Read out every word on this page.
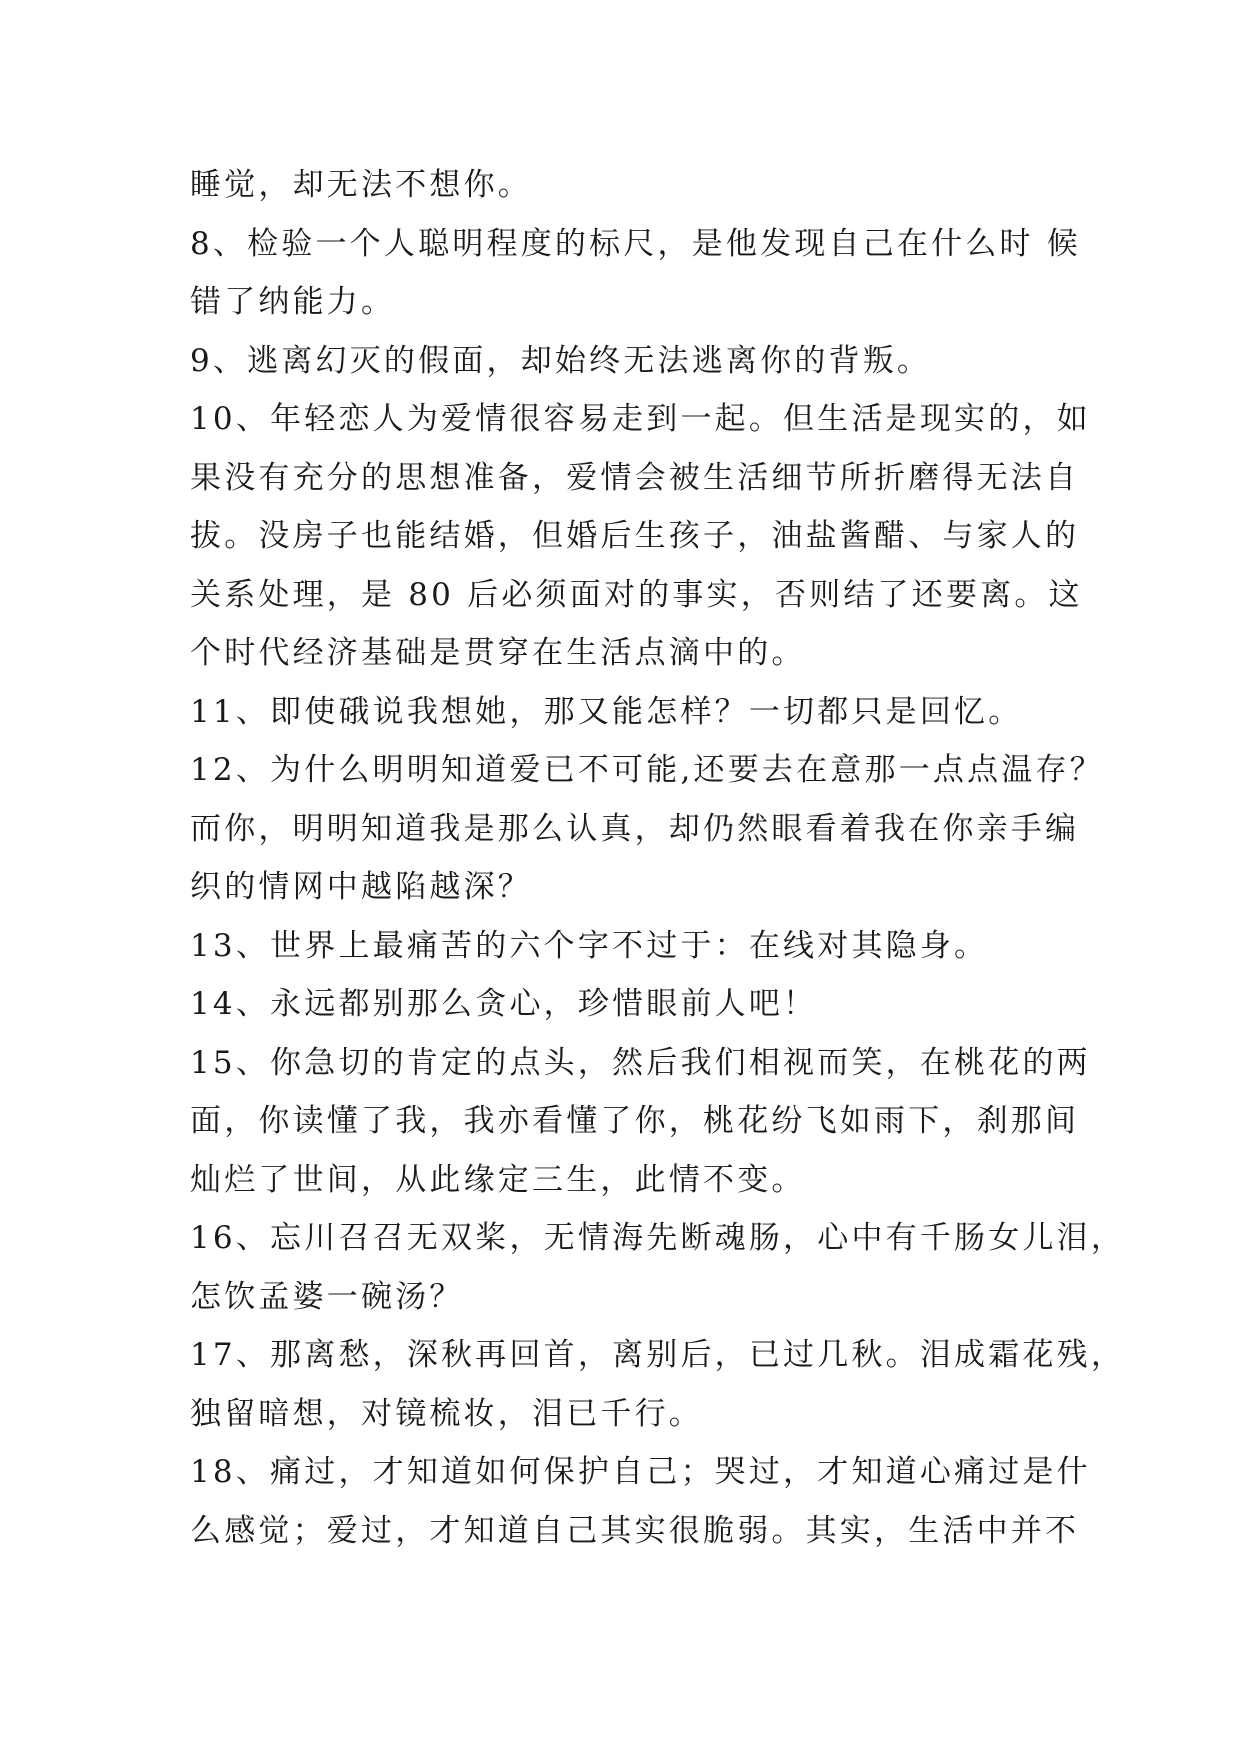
睡觉，却无法不想你。
8、检验一个人聪明程度的标尺，是他发现自己在什么时 候
错了纳能力。
9、逃离幻灭的假面，却始终无法逃离你的背叛。
10、年轻恋人为爱情很容易走到一起。但生活是现实的，如
果没有充分的思想准备，爱情会被生活细节所折磨得无法自
拔。没房子也能结婚，但婚后生孩子，油盐酱醋、与家人的
关系处理，是 80 后必须面对的事实，否则结了还要离。这
个时代经济基础是贯穿在生活点滴中的。
11、即使硪说我想她，那又能怎样？一切都只是回忆。
12、为什么明明知道爱已不可能,还要去在意那一点点温存？
而你，明明知道我是那么认真，却仍然眼看着我在你亲手编
织的情网中越陷越深？
13、世界上最痛苦的六个字不过于：在线对其隐身。
14、永远都别那么贪心，珍惜眼前人吧！
15、你急切的肯定的点头，然后我们相视而笑，在桃花的两
面，你读懂了我，我亦看懂了你，桃花纷飞如雨下，刹那间
灿烂了世间，从此缘定三生，此情不变。
16、忘川召召无双桨，无情海先断魂肠，心中有千肠女儿泪，
怎饮孟婆一碗汤？
17、那离愁，深秋再回首，离别后，已过几秋。泪成霜花残，
独留暗想，对镜梳妆，泪已千行。
18、痛过，才知道如何保护自己；哭过，才知道心痛过是什
么感觉；爱过，才知道自己其实很脆弱。其实，生活中并不
